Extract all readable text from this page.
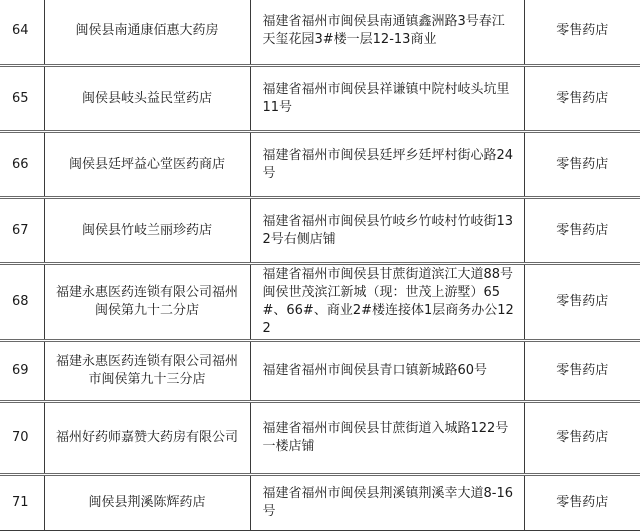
64	闽侯县南通康佰惠大药房	福建省福州市闽侯县南通镇鑫洲路3号春江天玺花园3#楼一层12-13商业	零售药店
65	闽侯县岐头益民堂药店	福建省福州市闽侯县祥谦镇中院村岐头坑里11号	零售药店
66	闽侯县廷坪益心堂医药商店	福建省福州市闽侯县廷坪乡廷坪村街心路24号	零售药店
67	闽侯县竹岐兰丽珍药店	福建省福州市闽侯县竹岐乡竹岐村竹岐街132号右侧店铺	零售药店
68	福建永惠医药连锁有限公司福州闽侯第九十二分店	福建省福州市闽侯县甘蔗街道滨江大道88号闽侯世茂滨江新城（现：世茂上游墅）65#、66#、商业2#楼连接体1层商务办公122	零售药店
69	福建永惠医药连锁有限公司福州市闽侯第九十三分店	福建省福州市闽侯县青口镇新城路60号	零售药店
70	福州好药师嘉赞大药房有限公司	福建省福州市闽侯县甘蔗街道入城路122号一楼店铺	零售药店
71	闽侯县荆溪陈辉药店	福建省福州市闽侯县荆溪镇荆溪幸大道8-16号	零售药店
